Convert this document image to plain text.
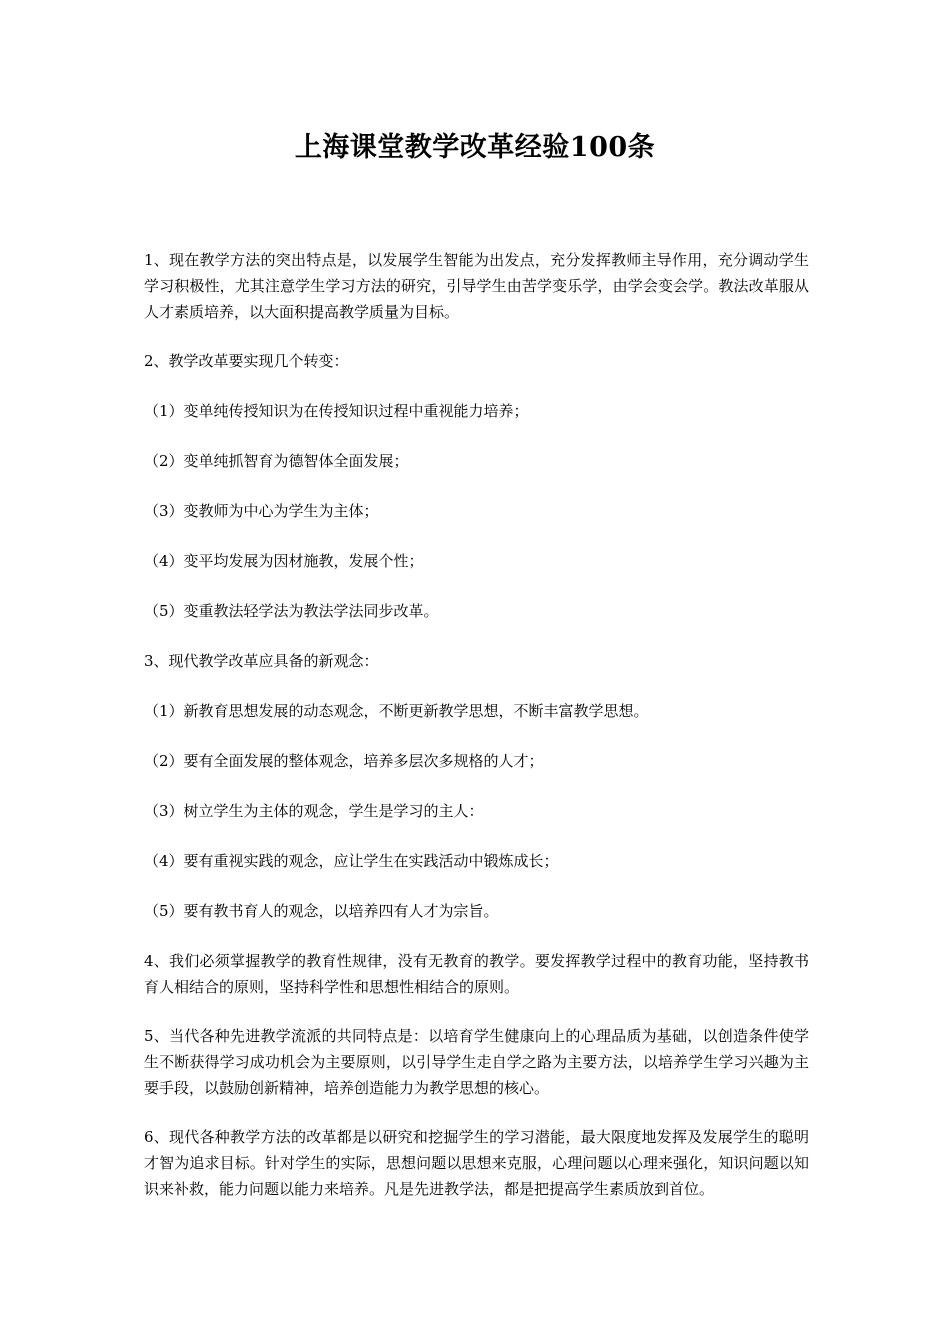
上海课堂教学改革经验100条

1、现在教学方法的突出特点是，以发展学生智能为出发点，充分发挥教师主导作用，充分调动学生学习积极性，尤其注意学生学习方法的研究，引导学生由苦学变乐学，由学会变会学。教法改革服从人才素质培养，以大面积提高教学质量为目标。

2、教学改革要实现几个转变：

（1）变单纯传授知识为在传授知识过程中重视能力培养；

（2）变单纯抓智育为德智体全面发展；

（3）变教师为中心为学生为主体；

（4）变平均发展为因材施教，发展个性；

（5）变重教法轻学法为教法学法同步改革。

3、现代教学改革应具备的新观念：

（1）新教育思想发展的动态观念，不断更新教学思想，不断丰富教学思想。

（2）要有全面发展的整体观念，培养多层次多规格的人才；

（3）树立学生为主体的观念，学生是学习的主人：

（4）要有重视实践的观念，应让学生在实践活动中锻炼成长；

（5）要有教书育人的观念，以培养四有人才为宗旨。

4、我们必须掌握教学的教育性规律，没有无教育的教学。要发挥教学过程中的教育功能，坚持教书育人相结合的原则，坚持科学性和思想性相结合的原则。

5、当代各种先进教学流派的共同特点是：以培育学生健康向上的心理品质为基础，以创造条件使学生不断获得学习成功机会为主要原则，以引导学生走自学之路为主要方法，以培养学生学习兴趣为主要手段，以鼓励创新精神，培养创造能力为教学思想的核心。

6、现代各种教学方法的改革都是以研究和挖掘学生的学习潜能，最大限度地发挥及发展学生的聪明才智为追求目标。针对学生的实际，思想问题以思想来克服，心理问题以心理来强化，知识问题以知识来补救，能力问题以能力来培养。凡是先进教学法，都是把提高学生素质放到首位。
